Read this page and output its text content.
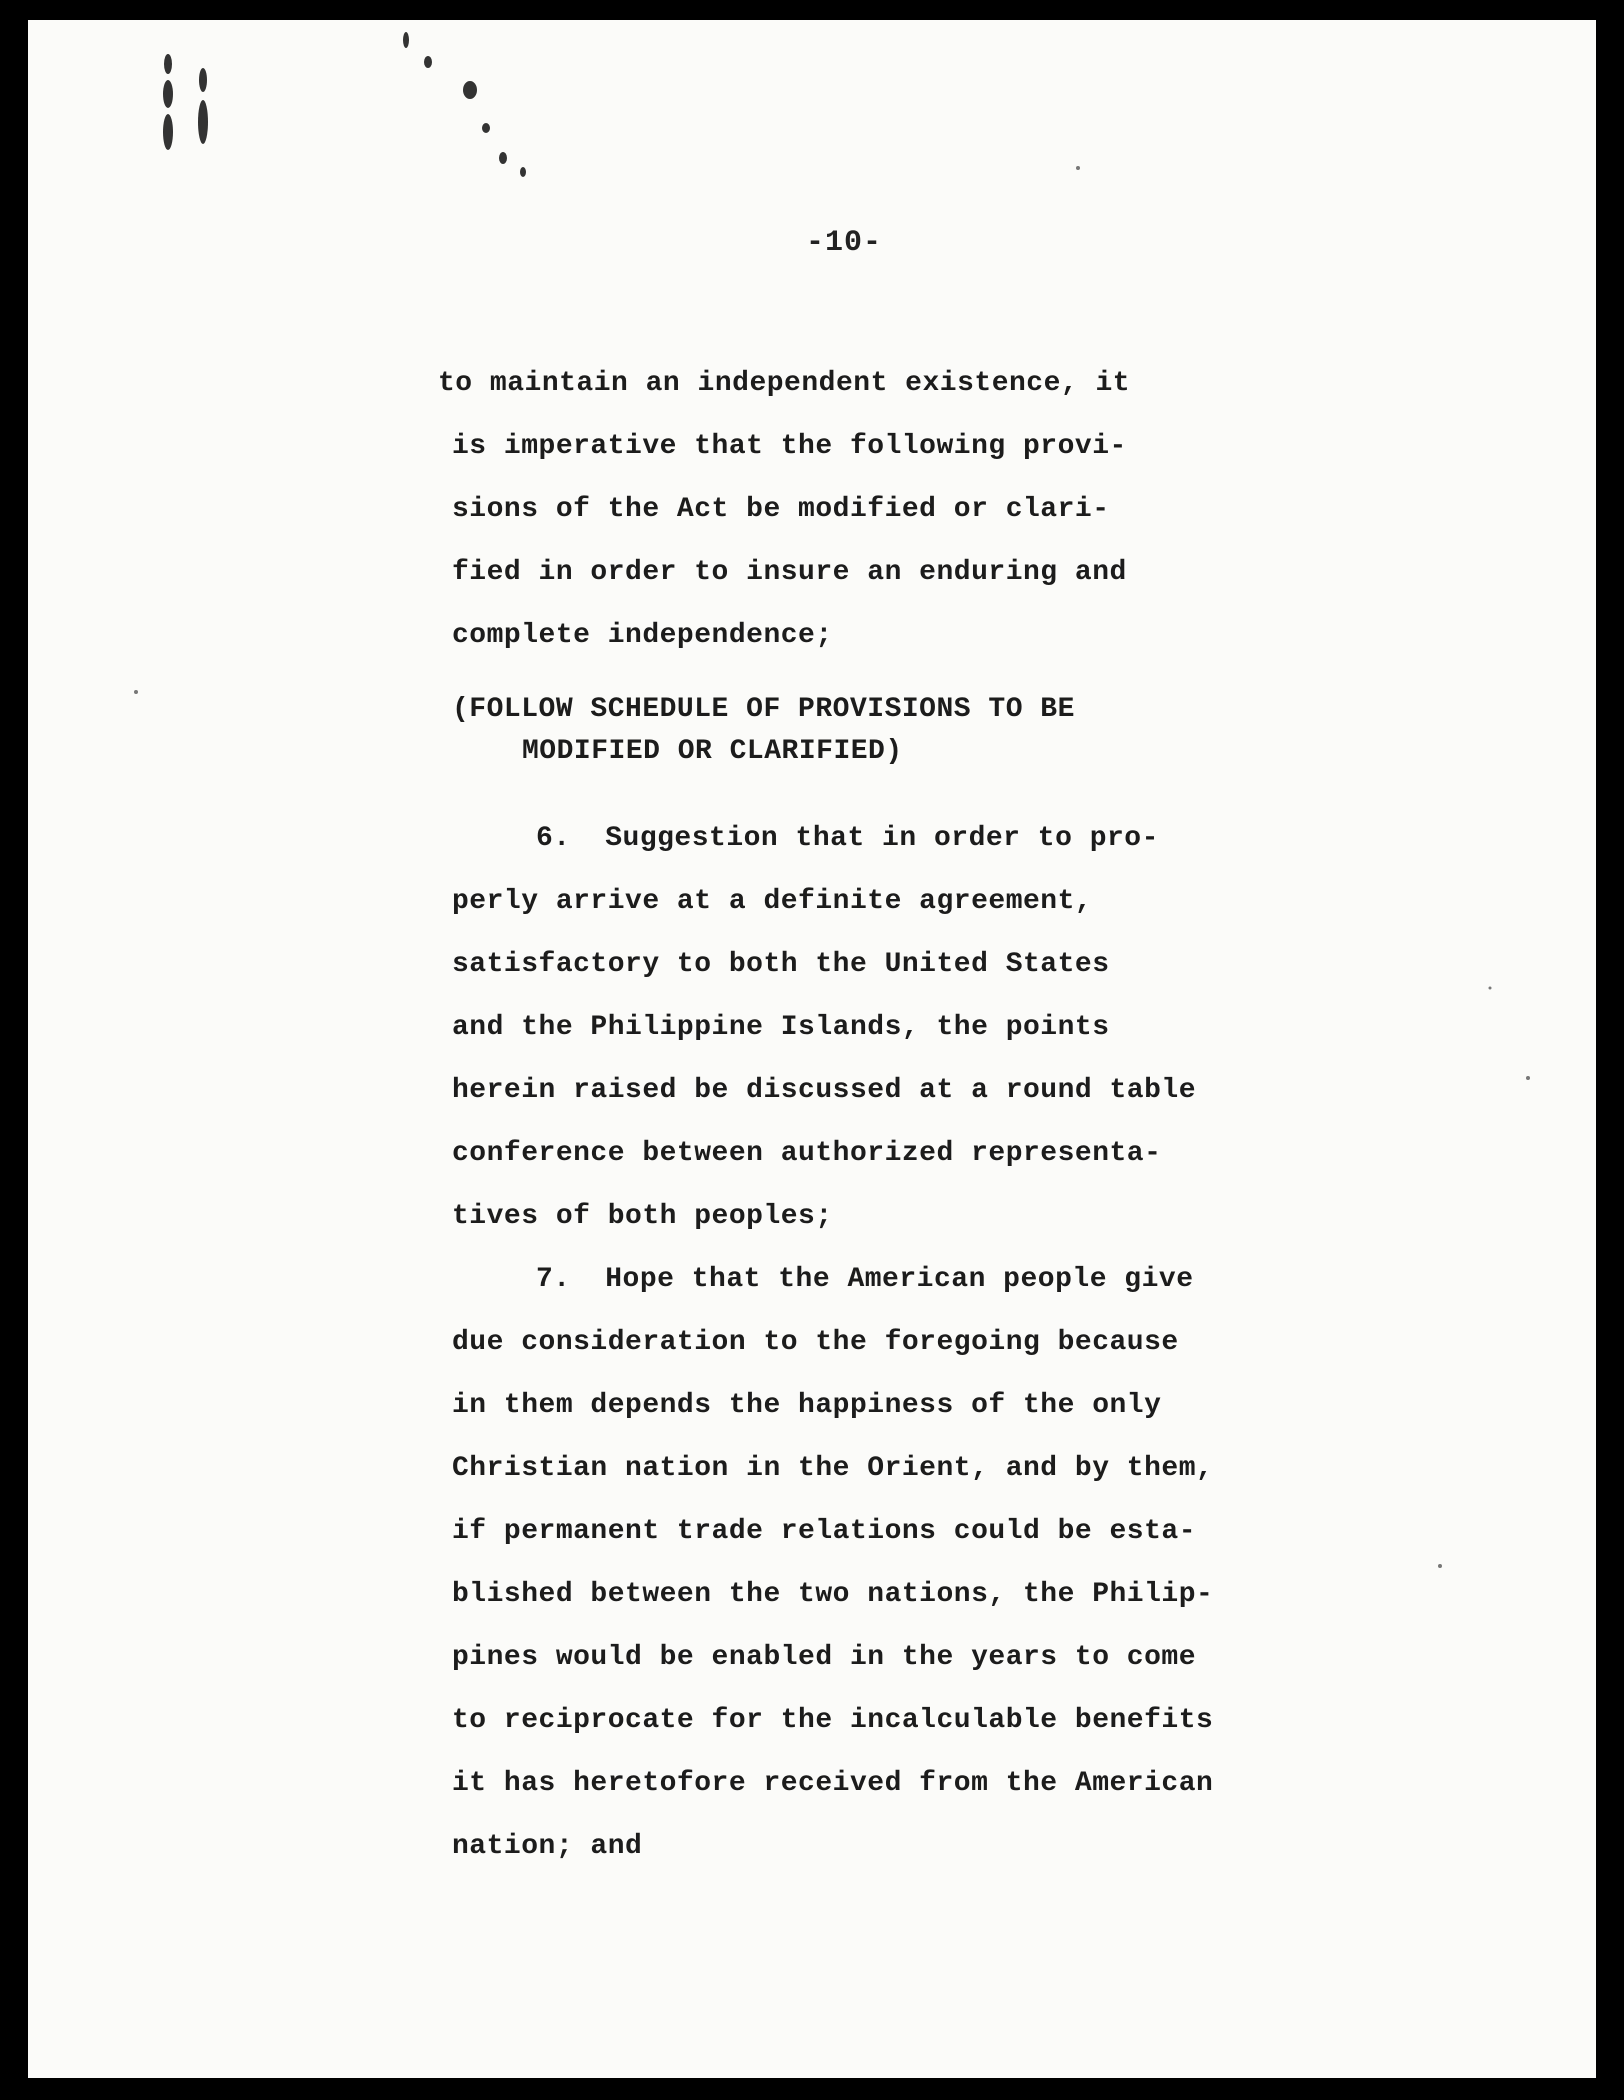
-10-
to maintain an independent existence, it
is imperative that the following provi-
sions of the Act be modified or clari-
fied in order to insure an enduring and
complete independence;
(FOLLOW SCHEDULE OF PROVISIONS TO BE
MODIFIED OR CLARIFIED)
6.  Suggestion that in order to pro-
perly arrive at a definite agreement,
satisfactory to both the United States
and the Philippine Islands, the points
herein raised be discussed at a round table
conference between authorized representa-
tives of both peoples;
7.  Hope that the American people give
due consideration to the foregoing because
in them depends the happiness of the only
Christian nation in the Orient, and by them,
if permanent trade relations could be esta-
blished between the two nations, the Philip-
pines would be enabled in the years to come
to reciprocate for the incalculable benefits
it has heretofore received from the American
nation; and
